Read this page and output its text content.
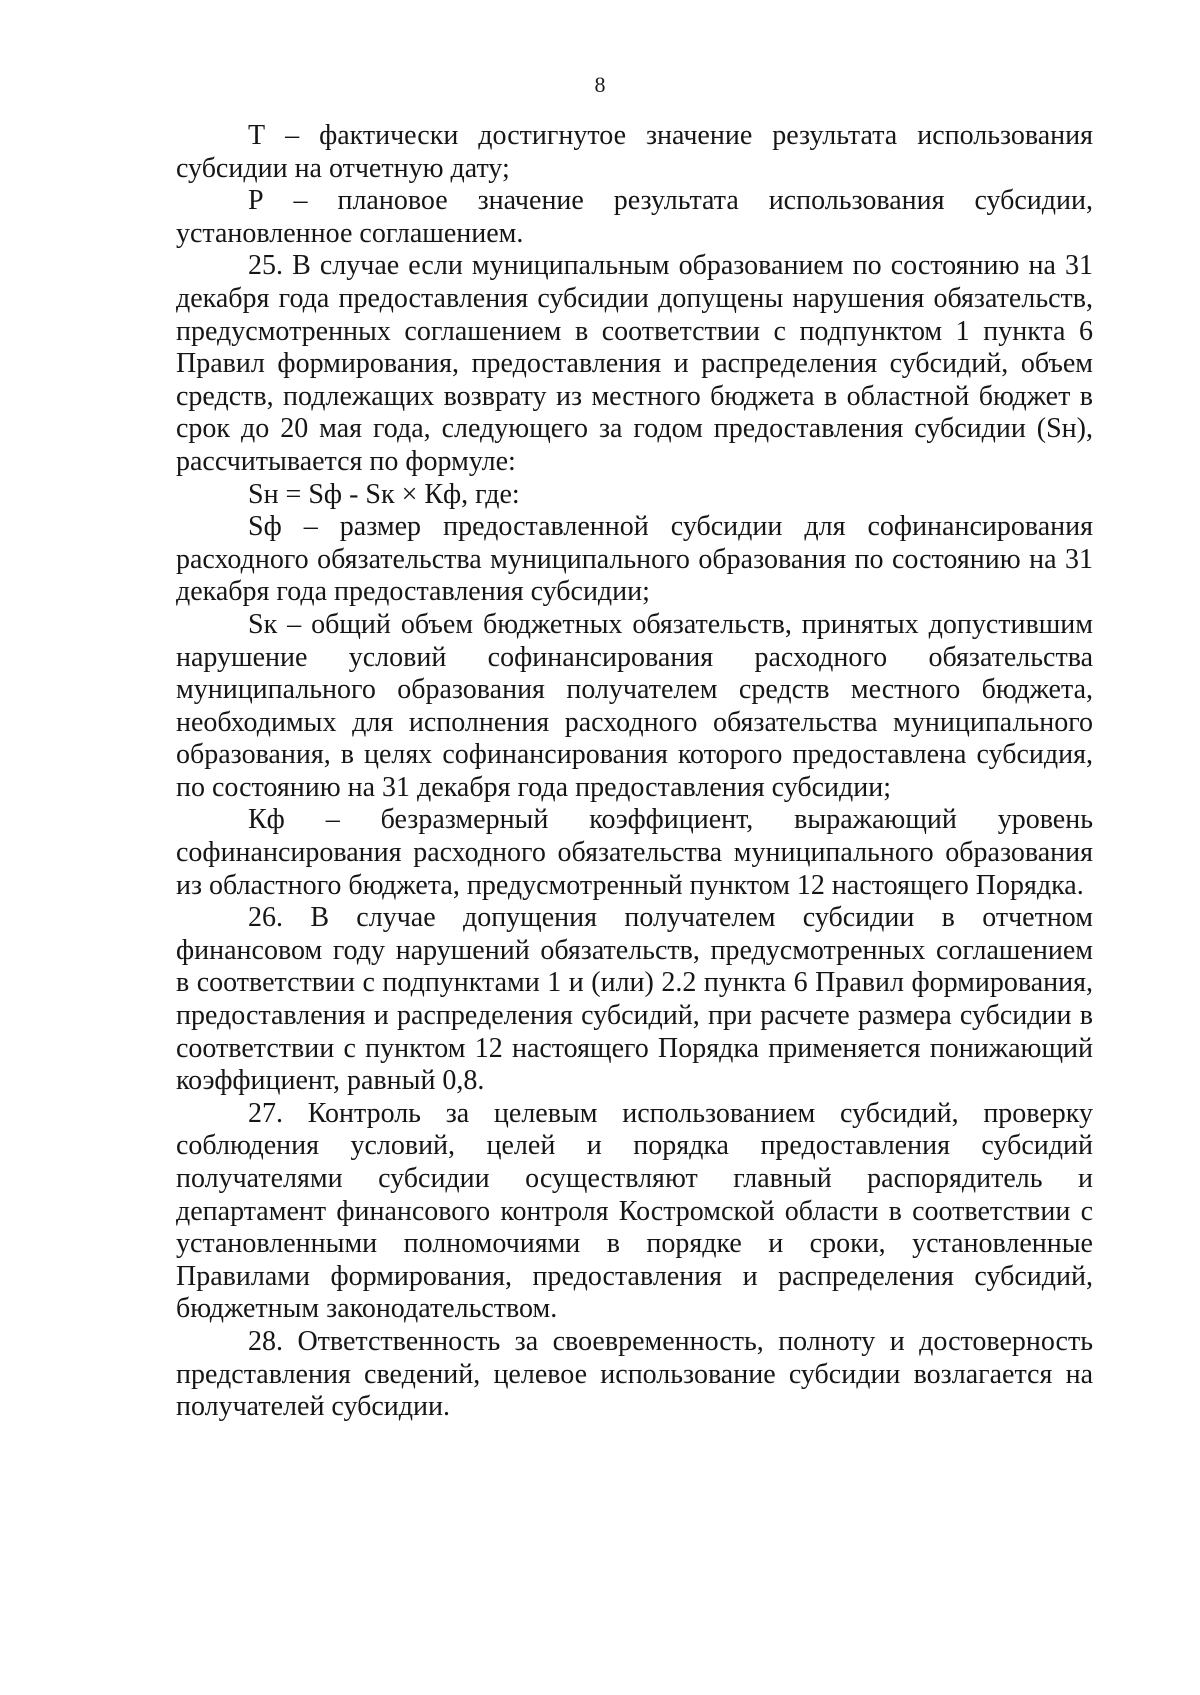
8

Т – фактически достигнутое значение результата использования субсидии на отчетную дату;

Р – плановое значение результата использования субсидии, установленное соглашением.

25. В случае если муниципальным образованием по состоянию на 31 декабря года предоставления субсидии допущены нарушения обязательств, предусмотренных соглашением в соответствии с подпунктом 1 пункта 6 Правил формирования, предоставления и распределения субсидий, объем средств, подлежащих возврату из местного бюджета в областной бюджет в срок до 20 мая года, следующего за годом предоставления субсидии (Sн), рассчитывается по формуле:

Sн = Sф - Sк × Кф, где:

Sф – размер предоставленной субсидии для софинансирования расходного обязательства муниципального образования по состоянию на 31 декабря года предоставления субсидии;

Sк – общий объем бюджетных обязательств, принятых допустившим нарушение условий софинансирования расходного обязательства муниципального образования получателем средств местного бюджета, необходимых для исполнения расходного обязательства муниципального образования, в целях софинансирования которого предоставлена субсидия, по состоянию на 31 декабря года предоставления субсидии;

Кф – безразмерный коэффициент, выражающий уровень софинансирования расходного обязательства муниципального образования из областного бюджета, предусмотренный пунктом 12 настоящего Порядка.

26. В случае допущения получателем субсидии в отчетном финансовом году нарушений обязательств, предусмотренных соглашением в соответствии с подпунктами 1 и (или) 2.2 пункта 6 Правил формирования, предоставления и распределения субсидий, при расчете размера субсидии в соответствии с пунктом 12 настоящего Порядка применяется понижающий коэффициент, равный 0,8.

27. Контроль за целевым использованием субсидий, проверку соблюдения условий, целей и порядка предоставления субсидий получателями субсидии осуществляют главный распорядитель и департамент финансового контроля Костромской области в соответствии с установленными полномочиями в порядке и сроки, установленные Правилами формирования, предоставления и распределения субсидий, бюджетным законодательством.

28. Ответственность за своевременность, полноту и достоверность представления сведений, целевое использование субсидии возлагается на получателей субсидии.
